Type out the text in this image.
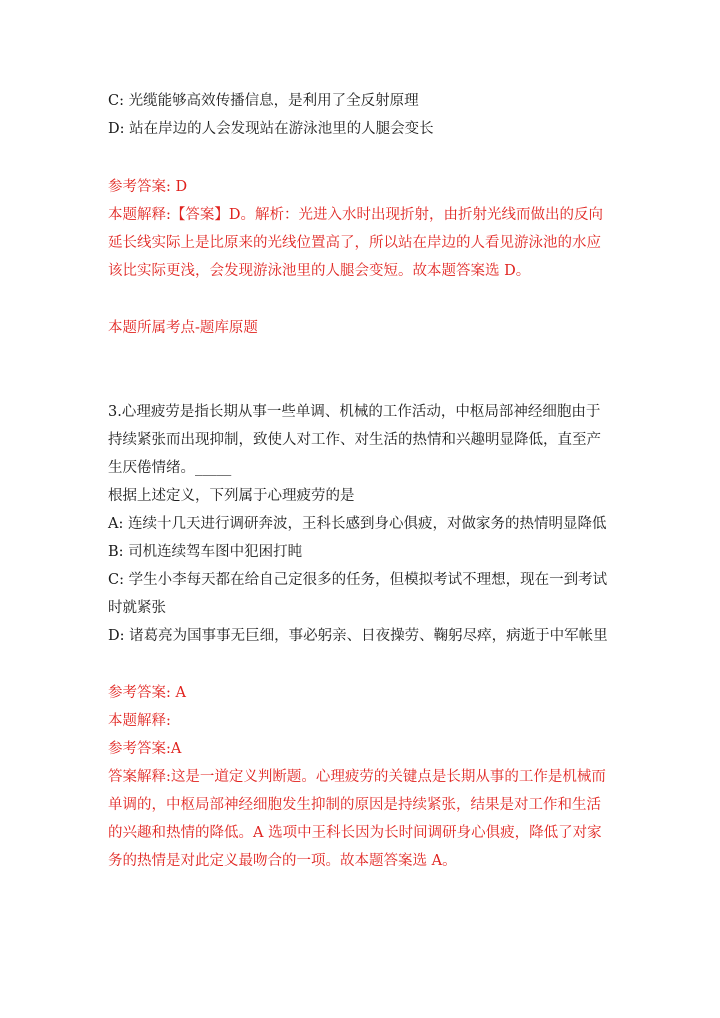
C: 光缆能够高效传播信息，是利用了全反射原理
D: 站在岸边的人会发现站在游泳池里的人腿会变长
参考答案: D
本题解释:【答案】D。解析：光进入水时出现折射，由折射光线而做出的反向
延长线实际上是比原来的光线位置高了，所以站在岸边的人看见游泳池的水应
该比实际更浅，会发现游泳池里的人腿会变短。故本题答案选 D。
本题所属考点-题库原题
3.心理疲劳是指长期从事一些单调、机械的工作活动，中枢局部神经细胞由于
持续紧张而出现抑制，致使人对工作、对生活的热情和兴趣明显降低，直至产
生厌倦情绪。_____
根据上述定义，下列属于心理疲劳的是
A: 连续十几天进行调研奔波，王科长感到身心俱疲，对做家务的热情明显降低
B: 司机连续驾车图中犯困打盹
C: 学生小李每天都在给自己定很多的任务，但模拟考试不理想，现在一到考试
时就紧张
D: 诸葛亮为国事事无巨细，事必躬亲、日夜操劳、鞠躬尽瘁，病逝于中军帐里
参考答案: A
本题解释:
参考答案:A
答案解释:这是一道定义判断题。心理疲劳的关键点是长期从事的工作是机械而
单调的，中枢局部神经细胞发生抑制的原因是持续紧张，结果是对工作和生活
的兴趣和热情的降低。A 选项中王科长因为长时间调研身心俱疲，降低了对家
务的热情是对此定义最吻合的一项。故本题答案选 A。
